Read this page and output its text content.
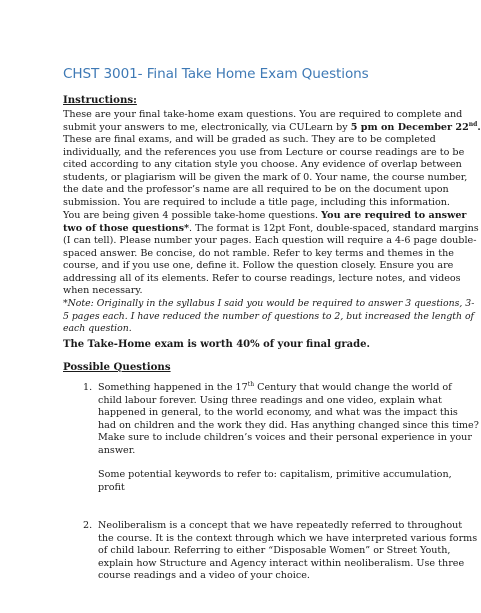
CHST 3001- Final Take Home Exam Questions
Instructions:
These are your final take-home exam questions. You are required to complete and
submit your answers to me, electronically, via CULearn by 5 pm on December 22nd.
These are final exams, and will be graded as such. They are to be completed
individually, and the references you use from Lecture or course readings are to be
cited according to any citation style you choose. Any evidence of overlap between
students, or plagiarism will be given the mark of 0. Your name, the course number,
the date and the professor’s name are all required to be on the document upon
submission. You are required to include a title page, including this information.
You are being given 4 possible take-home questions. You are required to answer
two of those questions*. The format is 12pt Font, double-spaced, standard margins
(I can tell). Please number your pages. Each question will require a 4-6 page double-
spaced answer. Be concise, do not ramble. Refer to key terms and themes in the
course, and if you use one, define it. Follow the question closely. Ensure you are
addressing all of its elements. Refer to course readings, lecture notes, and videos
when necessary.
*Note: Originally in the syllabus I said you would be required to answer 3 questions, 3-
5 pages each. I have reduced the number of questions to 2, but increased the length of
each question.
The Take-Home exam is worth 40% of your final grade.
Possible Questions
1. Something happened in the 17th Century that would change the world of
child labour forever. Using three readings and one video, explain what
happened in general, to the world economy, and what was the impact this
had on children and the work they did. Has anything changed since this time?
Make sure to include children’s voices and their personal experience in your
answer.
Some potential keywords to refer to: capitalism, primitive accumulation,
profit
2. Neoliberalism is a concept that we have repeatedly referred to throughout
the course. It is the context through which we have interpreted various forms
of child labour. Referring to either “Disposable Women” or Street Youth,
explain how Structure and Agency interact within neoliberalism. Use three
course readings and a video of your choice.
